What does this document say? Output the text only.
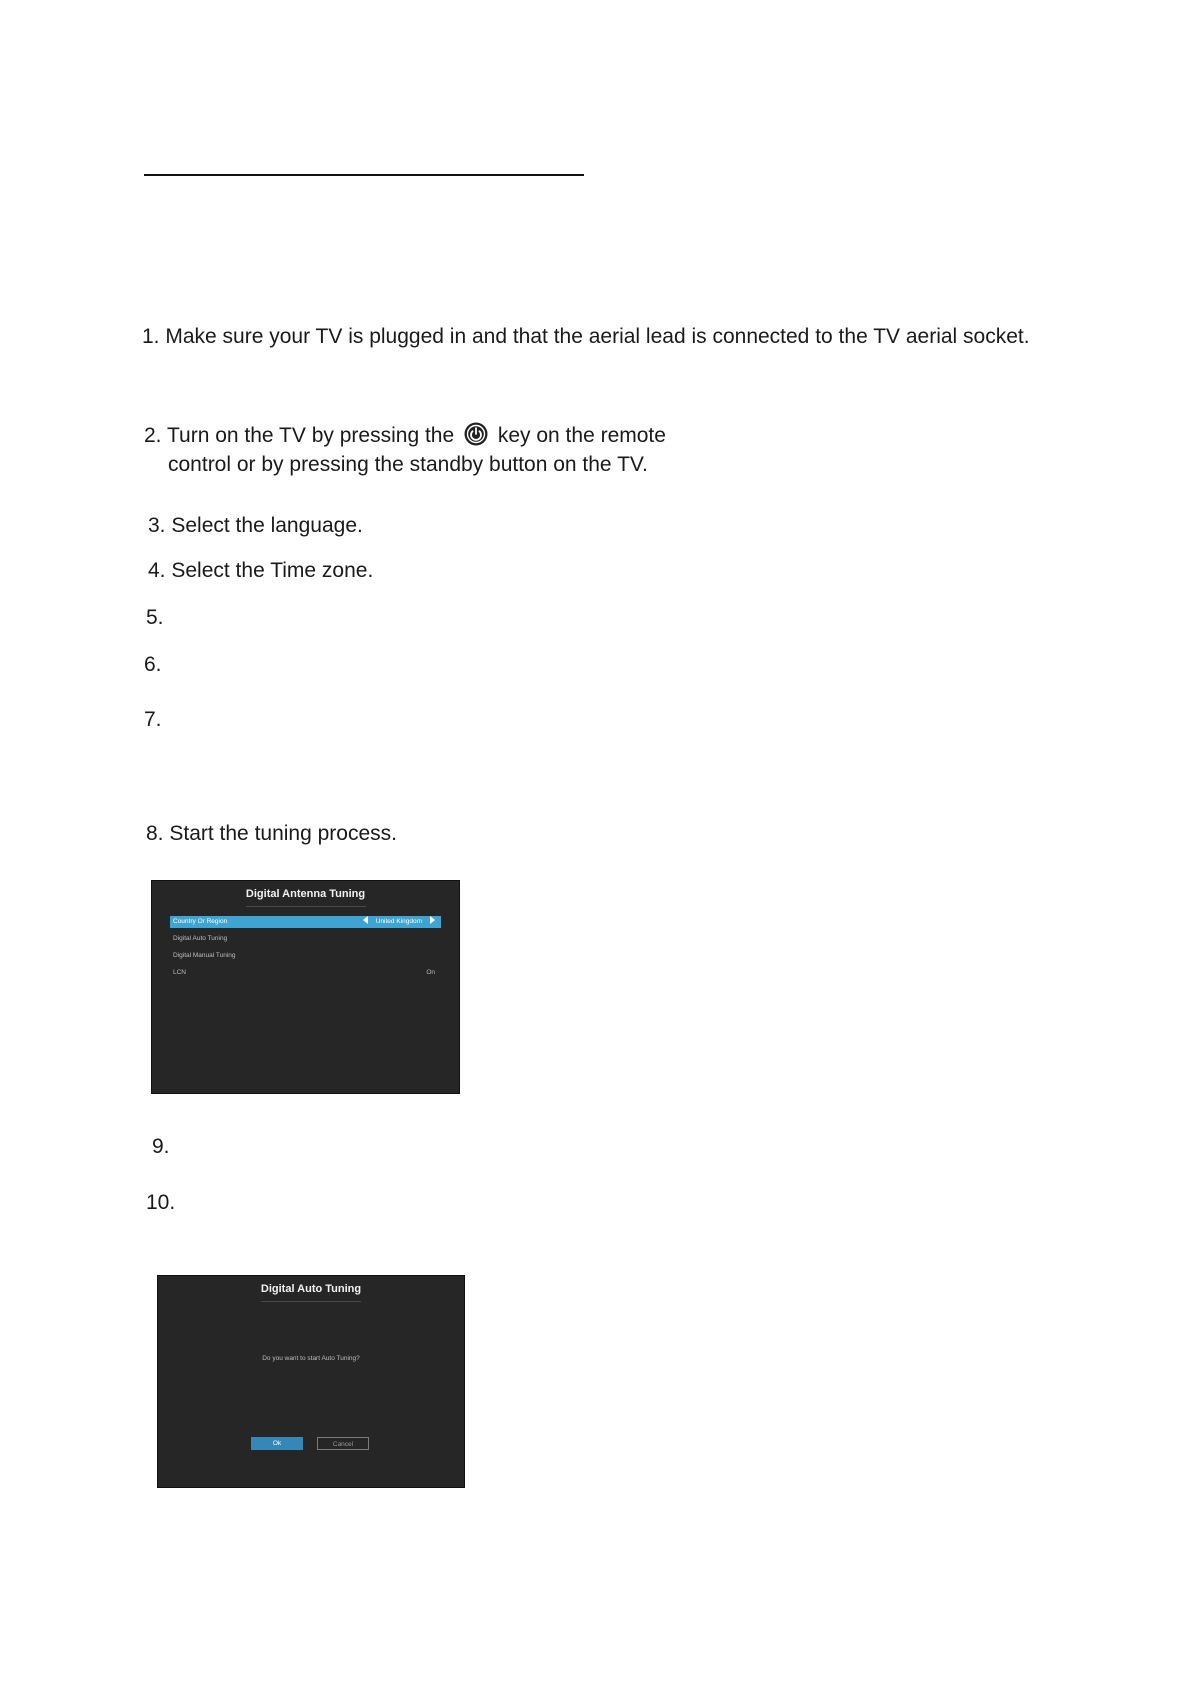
1. Make sure your TV is plugged in and that the aerial lead is connected to the TV aerial socket.
2. Turn on the TV by pressing the key on the remote
control or by pressing the standby button on the TV.
3. Select the language.
4. Select the Time zone.
5.
6.
7.
8. Start the tuning process.
Digital Antenna Tuning
Country Or Region	United Kingdom
Digital Auto Tuning
Digital Manual Tuning
LCN	On
9.
10.
Digital Auto Tuning
Do you want to start Auto Tuning?
Ok	Cancel
